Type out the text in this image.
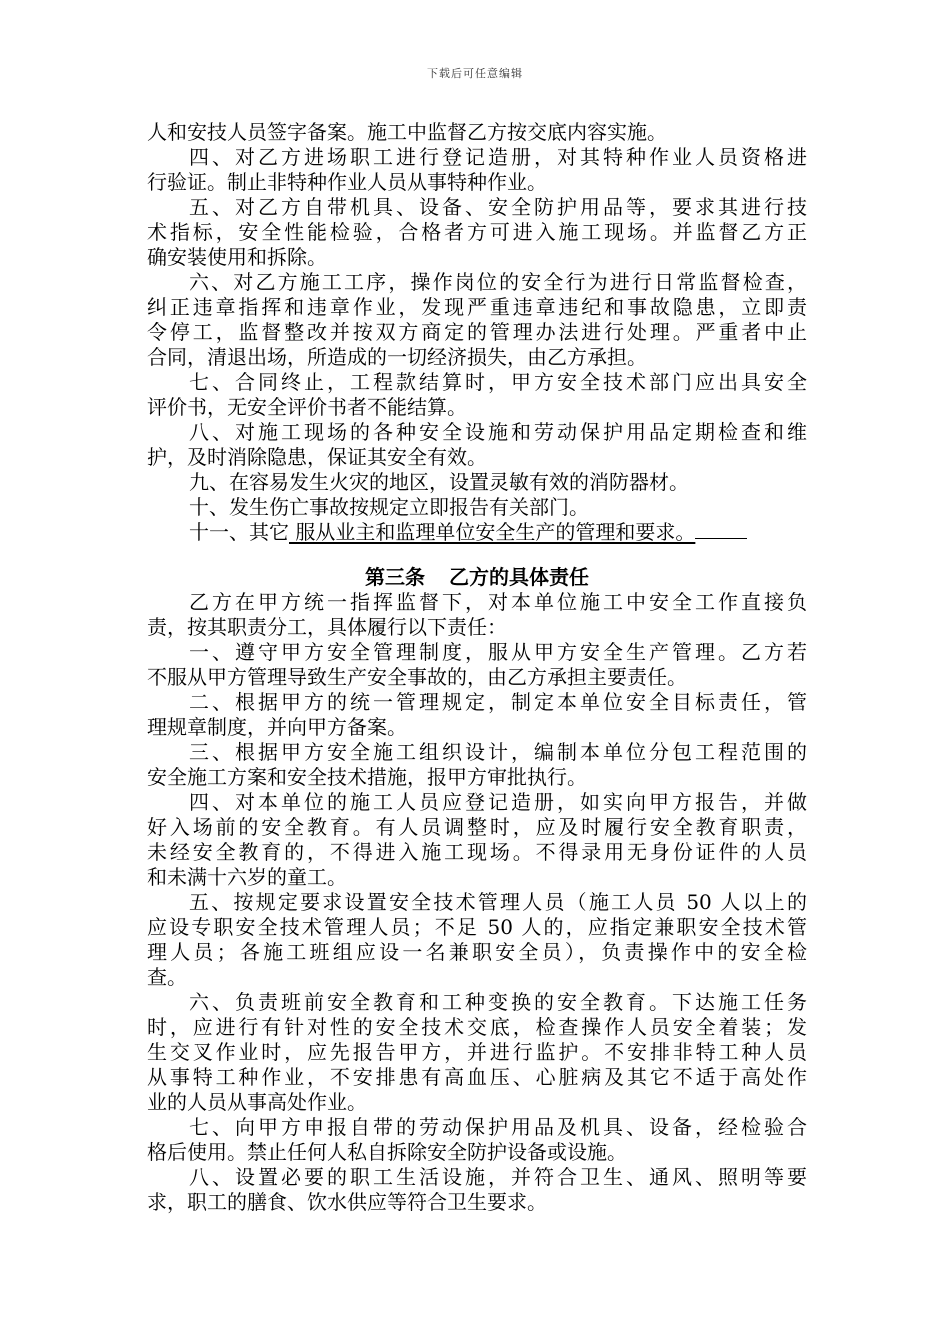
下载后可任意编辑
人和安技人员签字备案。施工中监督乙方按交底内容实施。
四、对乙方进场职工进行登记造册，对其特种作业人员资格进
行验证。制止非特种作业人员从事特种作业。
五、对乙方自带机具、设备、安全防护用品等，要求其进行技
术指标，安全性能检验，合格者方可进入施工现场。并监督乙方正
确安装使用和拆除。
六、对乙方施工工序，操作岗位的安全行为进行日常监督检查，
纠正违章指挥和违章作业，发现严重违章违纪和事故隐患，立即责
令停工，监督整改并按双方商定的管理办法进行处理。严重者中止
合同，清退出场，所造成的一切经济损失，由乙方承担。
七、合同终止，工程款结算时，甲方安全技术部门应出具安全
评价书，无安全评价书者不能结算。
八、对施工现场的各种安全设施和劳动保护用品定期检查和维
护，及时消除隐患，保证其安全有效。
九、在容易发生火灾的地区，设置灵敏有效的消防器材。
十、发生伤亡事故按规定立即报告有关部门。
十一、其它 服从业主和监理单位安全生产的管理和要求。
第三条 乙方的具体责任
乙方在甲方统一指挥监督下，对本单位施工中安全工作直接负
责，按其职责分工，具体履行以下责任：
一、遵守甲方安全管理制度，服从甲方安全生产管理。乙方若
不服从甲方管理导致生产安全事故的，由乙方承担主要责任。
二、根据甲方的统一管理规定，制定本单位安全目标责任，管
理规章制度，并向甲方备案。
三、根据甲方安全施工组织设计，编制本单位分包工程范围的
安全施工方案和安全技术措施，报甲方审批执行。
四、对本单位的施工人员应登记造册，如实向甲方报告，并做
好入场前的安全教育。有人员调整时，应及时履行安全教育职责，
未经安全教育的，不得进入施工现场。不得录用无身份证件的人员
和未满十六岁的童工。
五、按规定要求设置安全技术管理人员（施工人员 50 人以上的
应设专职安全技术管理人员；不足 50 人的，应指定兼职安全技术管
理人员；各施工班组应设一名兼职安全员），负责操作中的安全检
查。
六、负责班前安全教育和工种变换的安全教育。下达施工任务
时，应进行有针对性的安全技术交底，检查操作人员安全着装；发
生交叉作业时，应先报告甲方，并进行监护。不安排非特工种人员
从事特工种作业，不安排患有高血压、心脏病及其它不适于高处作
业的人员从事高处作业。
七、向甲方申报自带的劳动保护用品及机具、设备，经检验合
格后使用。禁止任何人私自拆除安全防护设备或设施。
八、设置必要的职工生活设施，并符合卫生、通风、照明等要
求，职工的膳食、饮水供应等符合卫生要求。
